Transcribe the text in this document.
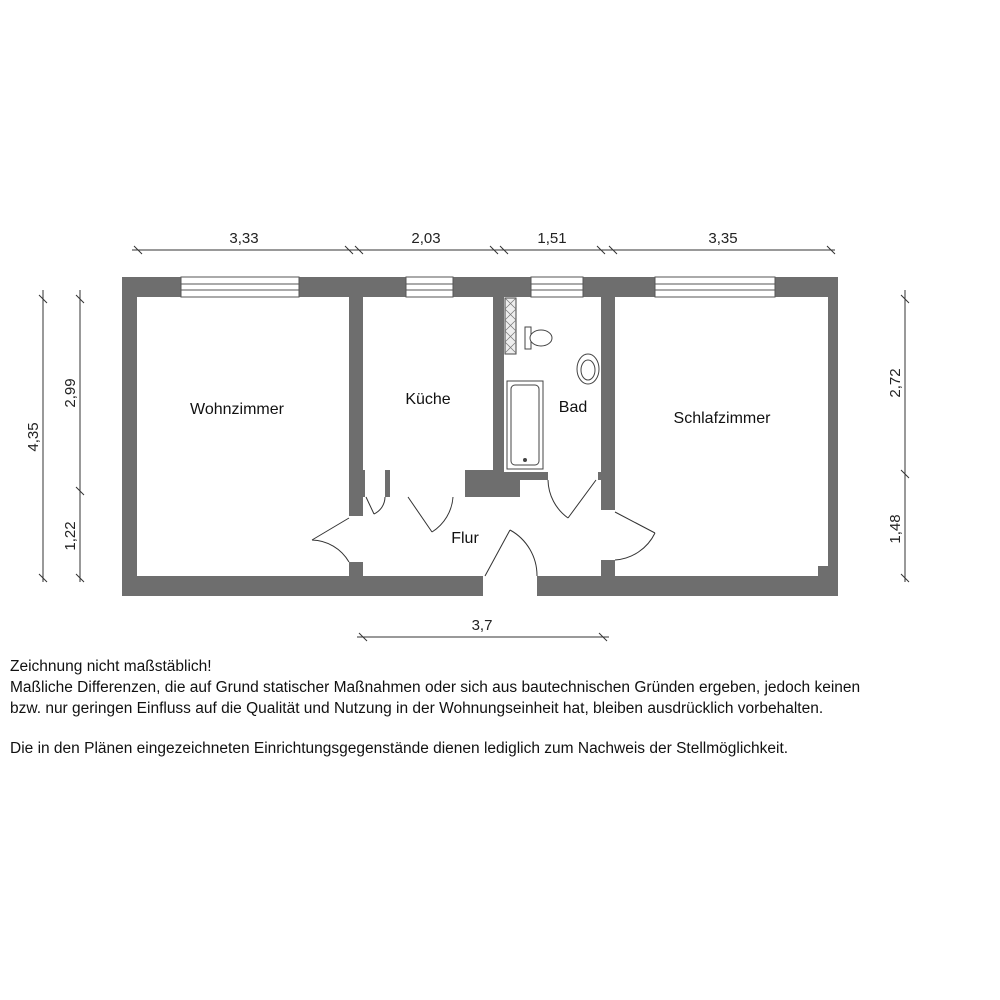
3,33	2,03	1,51	3,35
3,7
4,35
2,99
1,22
2,72
1,48
Wohnzimmer
Küche	Bad
Schlafzimmer
Flur

Zeichnung nicht maßstäblich!

Maßliche Differenzen, die auf Grund statischer Maßnahmen oder sich aus bautechnischen Gründen ergeben, jedoch keinen

bzw. nur geringen Einfluss auf die Qualität und Nutzung in der Wohnungseinheit hat, bleiben ausdrücklich vorbehalten.

Die in den Plänen eingezeichneten Einrichtungsgegenstände dienen lediglich zum Nachweis der Stellmöglichkeit.
